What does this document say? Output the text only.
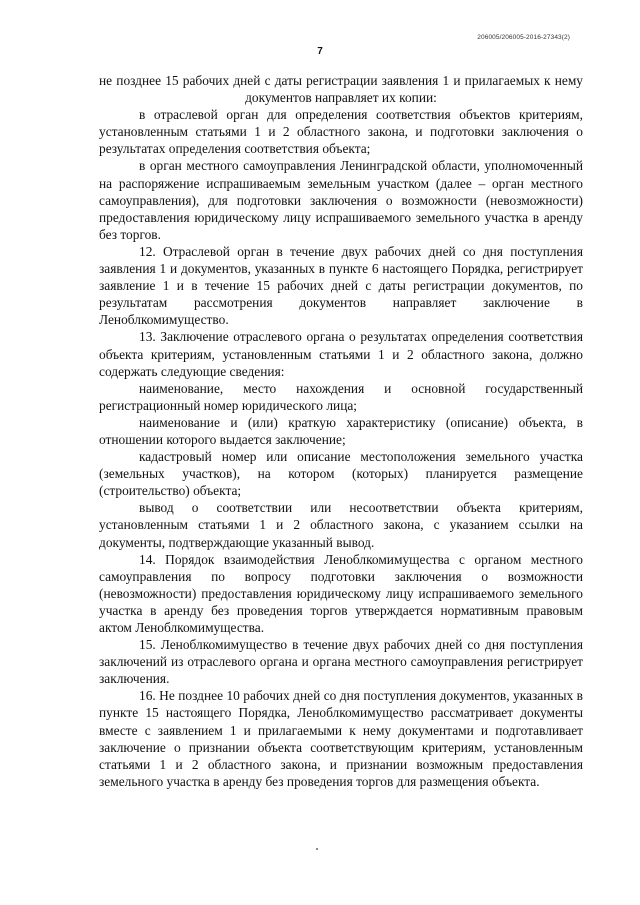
206005/206005-2016-27343(2)
7

не позднее 15 рабочих дней с даты регистрации заявления 1 и прилагаемых к нему документов направляет их копии:

в отраслевой орган для определения соответствия объектов критериям, установленным статьями 1 и 2 областного закона, и подготовки заключения о результатах определения соответствия объекта;

в орган местного самоуправления Ленинградской области, уполномоченный на распоряжение испрашиваемым земельным участком (далее – орган местного самоуправления), для подготовки заключения о возможности (невозможности) предоставления юридическому лицу испрашиваемого земельного участка в аренду без торгов.

12. Отраслевой орган в течение двух рабочих дней со дня поступления заявления 1 и документов, указанных в пункте 6 настоящего Порядка, регистрирует заявление 1 и в течение 15 рабочих дней с даты регистрации документов, по результатам рассмотрения документов направляет заключение в Леноблкомимущество.

13. Заключение отраслевого органа о результатах определения соответствия объекта критериям, установленным статьями 1 и 2 областного закона, должно содержать следующие сведения:

наименование, место нахождения и основной государственный регистрационный номер юридического лица;

наименование и (или) краткую характеристику (описание) объекта, в отношении которого выдается заключение;

кадастровый номер или описание местоположения земельного участка (земельных участков), на котором (которых) планируется размещение (строительство) объекта;

вывод о соответствии или несоответствии объекта критериям, установленным статьями 1 и 2 областного закона, с указанием ссылки на документы, подтверждающие указанный вывод.

14. Порядок взаимодействия Леноблкомимущества с органом местного самоуправления по вопросу подготовки заключения о возможности (невозможности) предоставления юридическому лицу испрашиваемого земельного участка в аренду без проведения торгов утверждается нормативным правовым актом Леноблкомимущества.

15. Леноблкомимущество в течение двух рабочих дней со дня поступления заключений из отраслевого органа и органа местного самоуправления регистрирует заключения.

16. Не позднее 10 рабочих дней со дня поступления документов, указанных в пункте 15 настоящего Порядка, Леноблкомимущество рассматривает документы вместе с заявлением 1 и прилагаемыми к нему документами и подготавливает заключение о признании объекта соответствующим критериям, установленным статьями 1 и 2 областного закона, и признании возможным предоставления земельного участка в аренду без проведения торгов для размещения объекта.
